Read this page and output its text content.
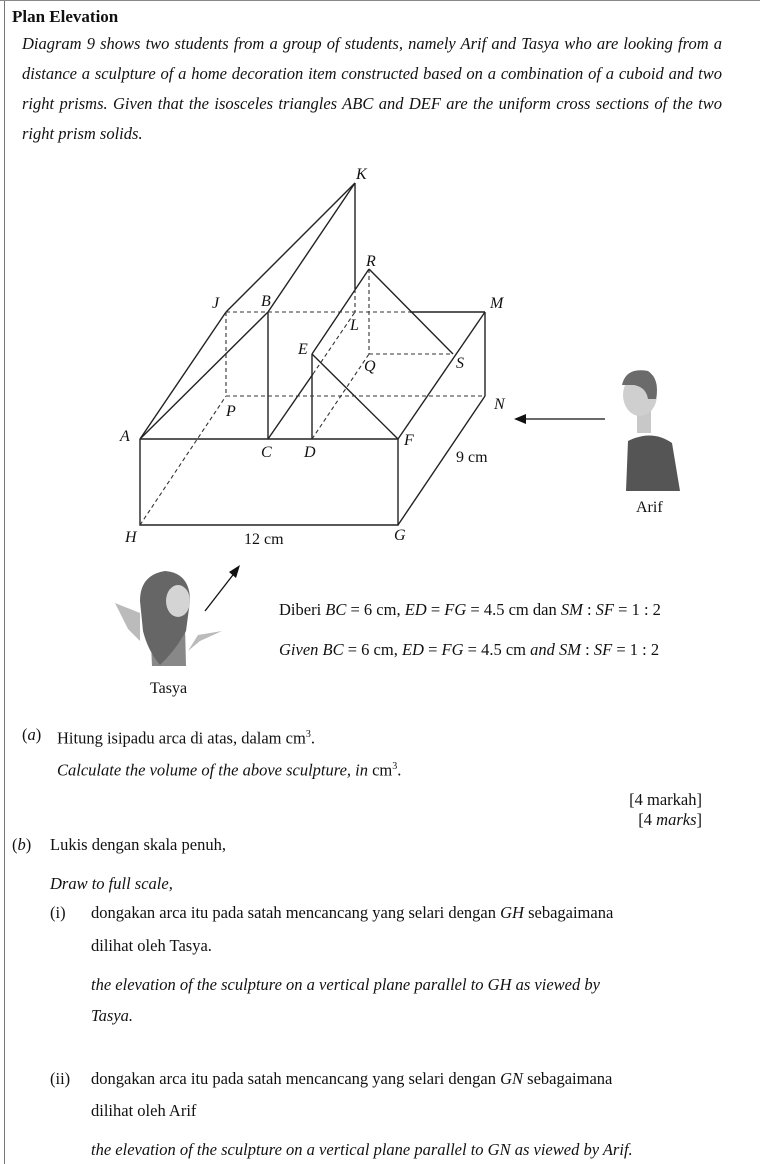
Plan Elevation
Diagram 9 shows two students from a group of students, namely Arif and Tasya who are looking from a distance a sculpture of a home decoration item constructed based on a combination of a cuboid and two right prisms. Given that the isosceles triangles ABC and DEF are the uniform cross sections of the two right prism solids.
K
R
J	B	M
L
E
Q	S
P	N
A
C D
F
H	G
12 cm
9 cm
Arif
Tasya
Diberi BC = 6 cm, ED = FG = 4.5 cm dan SM : SF = 1 : 2
Given BC = 6 cm, ED = FG = 4.5 cm and SM : SF = 1 : 2
(a) Hitung isipadu arca di atas, dalam $cm^3$.
Calculate the volume of the above sculpture, in $cm^3$.
[4 markah]
[4 marks]
(b) Lukis dengan skala penuh,
Draw to full scale,
(i) dongakan arca itu pada satah mencancang yang selari dengan GH sebagaimana
dilihat oleh Tasya.
the elevation of the sculpture on a vertical plane parallel to GH as viewed by
Tasya.
(ii) dongakan arca itu pada satah mencancang yang selari dengan GN sebagaimana
dilihat oleh Arif
the elevation of the sculpture on a vertical plane parallel to GN as viewed by Arif.
